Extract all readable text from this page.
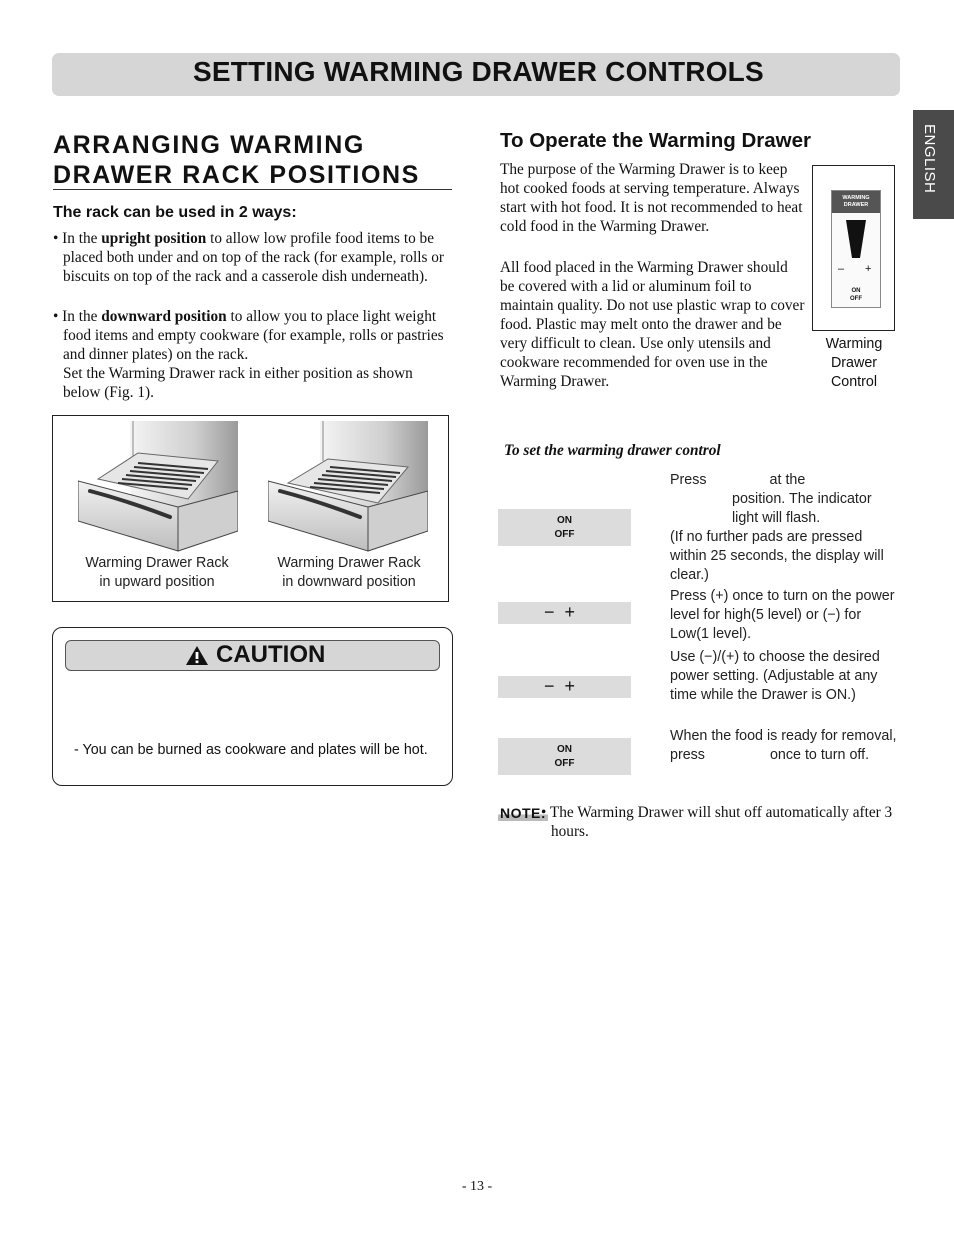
SETTING WARMING DRAWER CONTROLS
ENGLISH
ARRANGING WARMING
DRAWER RACK POSITIONS
The rack can be used in 2 ways:
• In the upright position to allow low profile food items to be placed both under and on top of the rack (for example, rolls or biscuits on top of the rack and a casserole dish underneath).
• In the downward position to allow you to place light weight food items and empty cookware (for example, rolls or pastries and dinner plates) on the rack.
Set the Warming Drawer rack in either position as shown below (Fig. 1).
Warming Drawer Rack
in upward position
Warming Drawer Rack
in downward position
CAUTION
- You can be burned as cookware and plates will be hot.
To Operate the Warming Drawer
The purpose of the Warming Drawer is to keep hot cooked foods at serving temperature. Always start with hot food. It is not recommended to heat cold food in the Warming Drawer.
All food placed in the Warming Drawer should be covered with a lid or aluminum foil to maintain quality. Do not use plastic wrap to cover food. Plastic may melt onto the drawer and be very difficult to clean. Use only utensils and cookware recommended for oven use in the Warming Drawer.
WARMING
DRAWER
– +
ON
OFF
Warming
Drawer
Control
To set the warming drawer control
ON
OFF
−+
−+
ON
OFF
Press	at the
position. The indicator light will flash.
(If no further pads are pressed within 25 seconds, the display will clear.)
Press (+) once to turn on the power level for high(5 level) or (−) for Low(1 level).
Use (−)/(+) to choose the desired power setting. (Adjustable at any time while the Drawer is ON.)
When the food is ready for removal, press	once to turn off.
NOTE:
• The Warming Drawer will shut off automatically after 3 hours.
- 13 -
